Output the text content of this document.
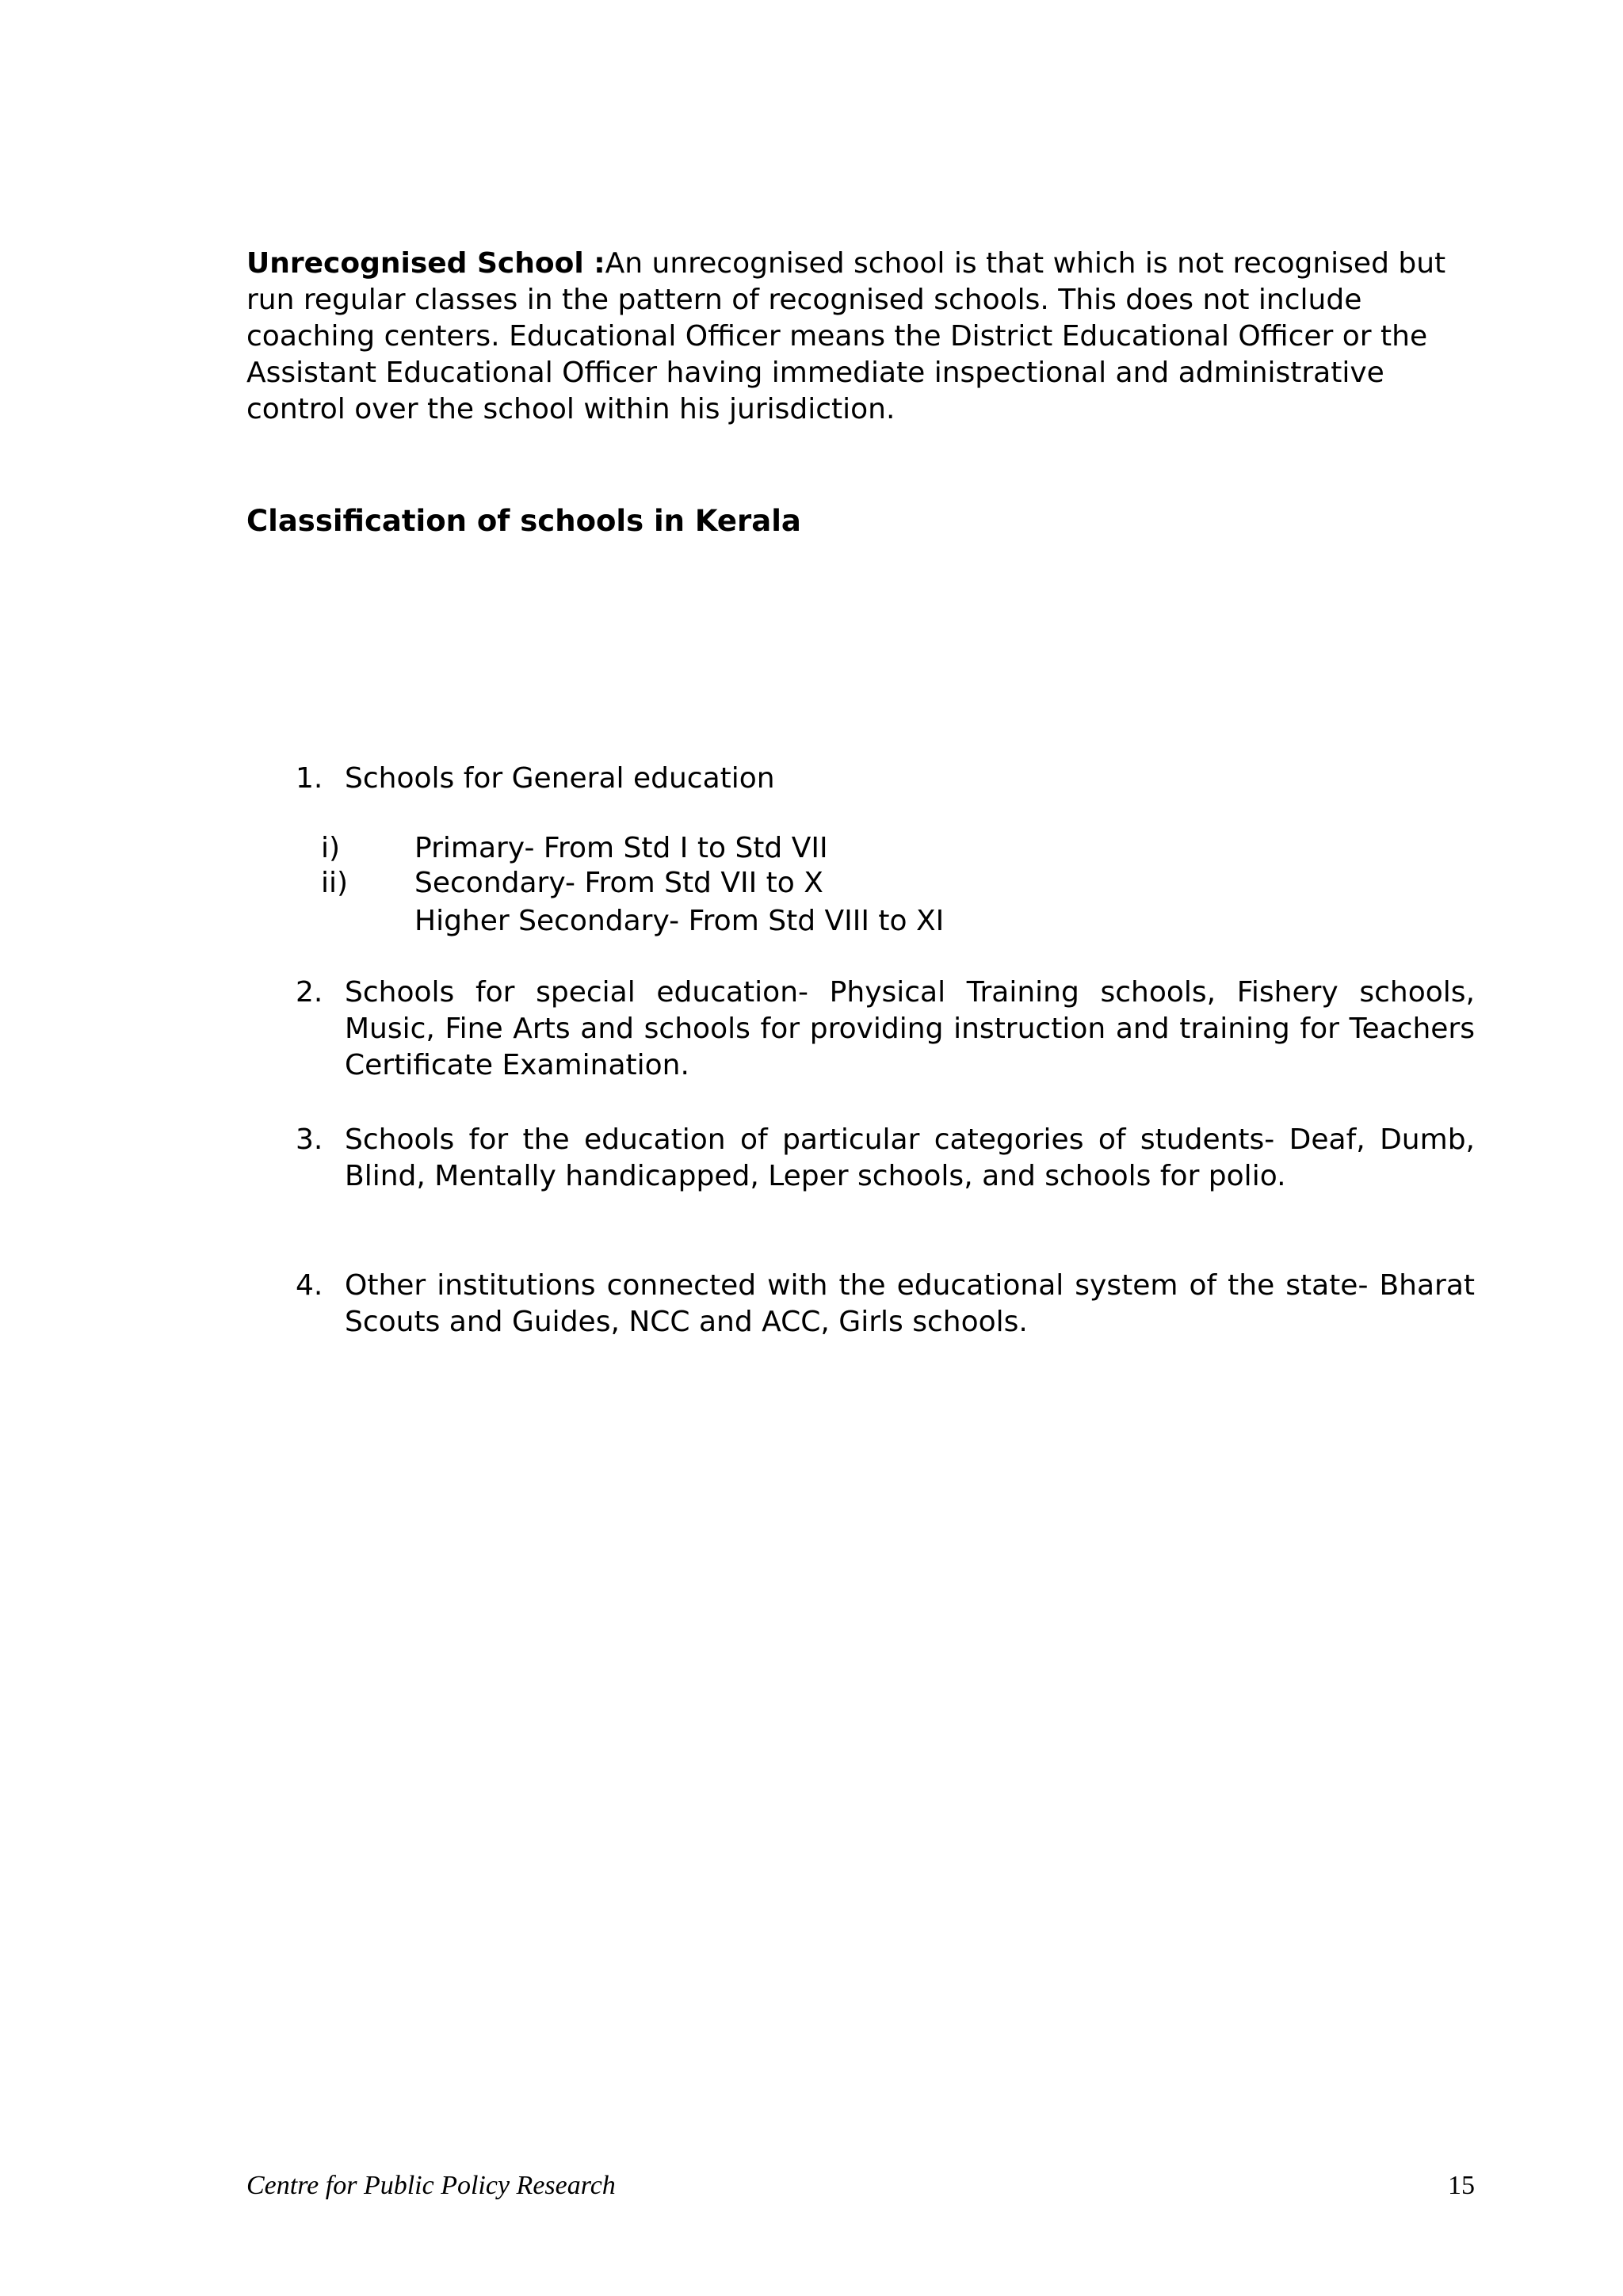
Unrecognised School :An unrecognised school is that which is not recognised but run regular classes in the pattern of recognised schools. This does not include coaching centers. Educational Officer means the District Educational Officer or the Assistant Educational Officer having immediate inspectional and administrative control over the school within his jurisdiction.

Classification of schools in Kerala
1. Schools for General education
i)	Primary- From Std I to Std VII
ii)	Secondary- From Std VII to X
Higher Secondary- From Std VIII to XI
2. Schools for special education- Physical Training schools, Fishery schools, Music, Fine Arts and schools for providing instruction and training for Teachers Certificate Examination.
3. Schools for the education of particular categories of students- Deaf, Dumb, Blind, Mentally handicapped, Leper schools, and schools for polio.
4. Other institutions connected with the educational system of the state- Bharat Scouts and Guides, NCC and ACC, Girls schools.
Centre for Public Policy Research	15
